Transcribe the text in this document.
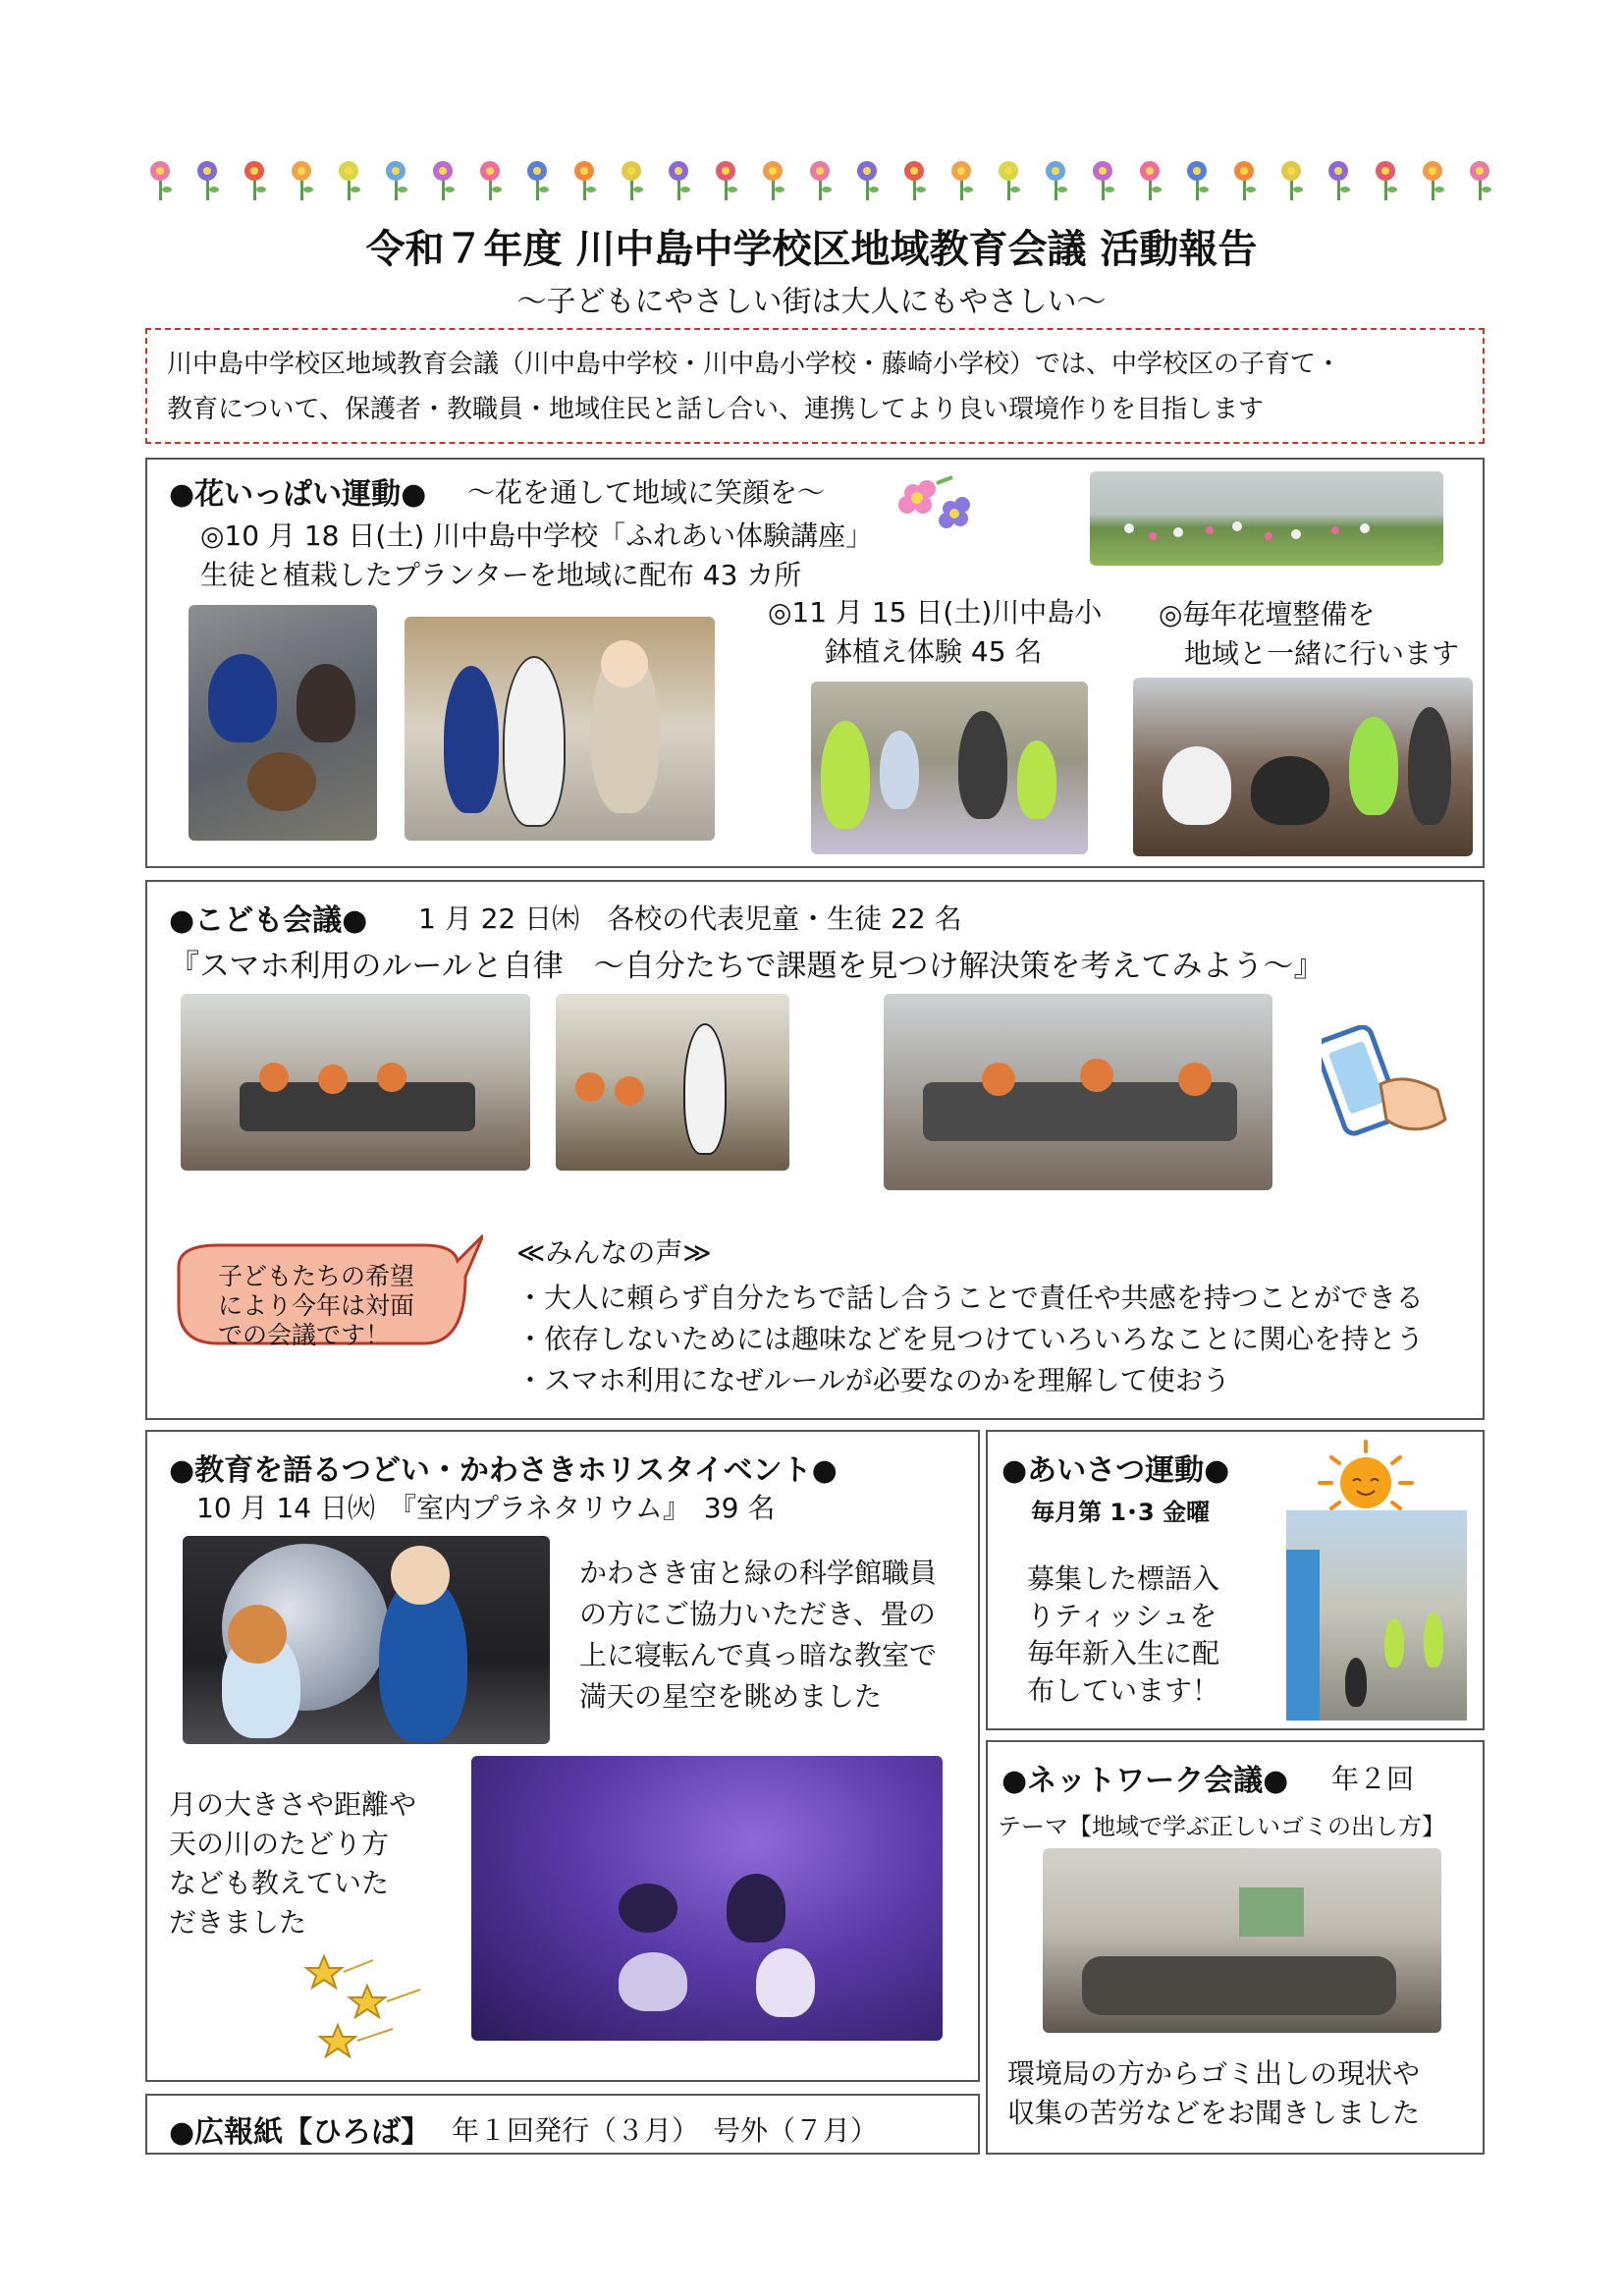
令和７年度 川中島中学校区地域教育会議 活動報告
〜子どもにやさしい街は大人にもやさしい〜
川中島中学校区地域教育会議（川中島中学校・川中島小学校・藤崎小学校）では、中学校区の子育て・
教育について、保護者・教職員・地域住民と話し合い、連携してより良い環境作りを目指します
●花いっぱい運動● 〜花を通して地域に笑顔を〜
◎10 月 18 日(土) 川中島中学校「ふれあい体験講座」
生徒と植栽したプランターを地域に配布 43 カ所
◎11 月 15 日(土)川中島小
鉢植え体験 45 名
◎毎年花壇整備を
地域と一緒に行います
●こども会議● 1 月 22 日㈭　各校の代表児童・生徒 22 名
『スマホ利用のルールと自律　〜自分たちで課題を見つけ解決策を考えてみよう〜』
子どもたちの希望
により今年は対面
での会議です！
≪みんなの声≫
・大人に頼らず自分たちで話し合うことで責任や共感を持つことができる
・依存しないためには趣味などを見つけていろいろなことに関心を持とう
・スマホ利用になぜルールが必要なのかを理解して使おう
●教育を語るつどい・かわさきホリスタイベント●
10 月 14 日㈫　『室内プラネタリウム』　39 名
かわさき宙と緑の科学館職員
の方にご協力いただき、畳の
上に寝転んで真っ暗な教室で
満天の星空を眺めました
月の大きさや距離や
天の川のたどり方
なども教えていた
だきました
●広報紙【ひろば】 年１回発行（３月）　号外（７月）
●あいさつ運動●
毎月第 1･3 金曜
募集した標語入
りティッシュを
毎年新入生に配
布しています！
●ネットワーク会議● 年２回
テーマ【地域で学ぶ正しいゴミの出し方】
環境局の方からゴミ出しの現状や
収集の苦労などをお聞きしました
